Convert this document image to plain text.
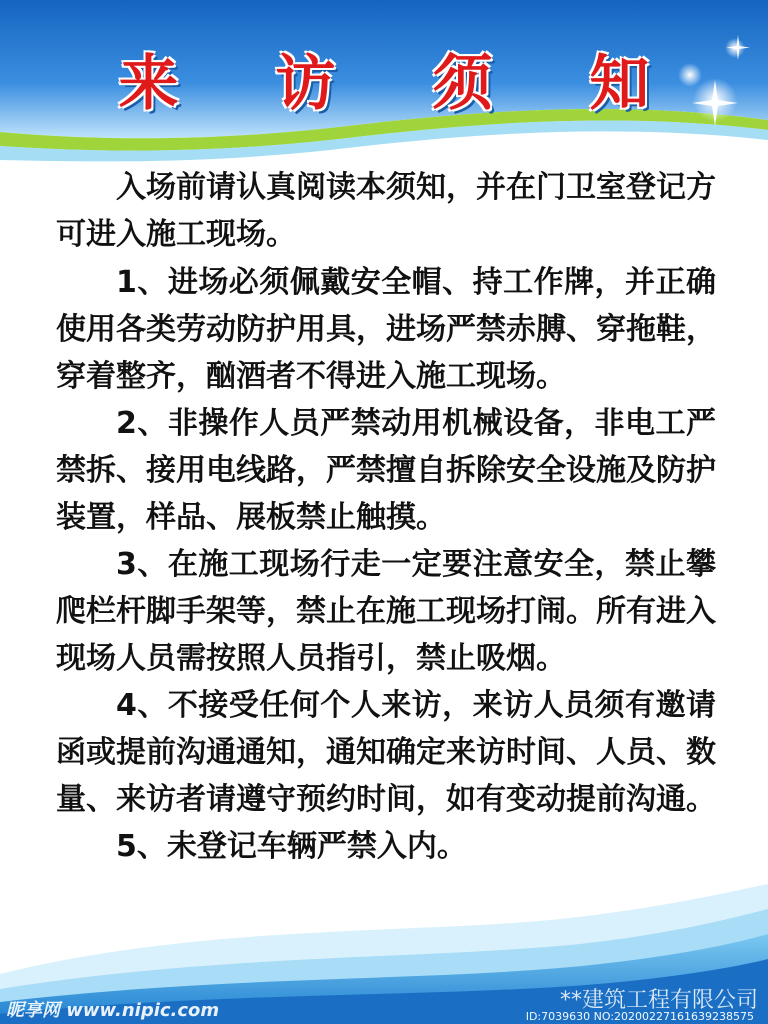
来 访 须 知

入场前请认真阅读本须知，并在门卫室登记方可进入施工现场。

1、进场必须佩戴安全帽、持工作牌，并正确使用各类劳动防护用具，进场严禁赤膊、穿拖鞋，穿着整齐，酗酒者不得进入施工现场。

2、非操作人员严禁动用机械设备，非电工严禁拆、接用电线路，严禁擅自拆除安全设施及防护装置，样品、展板禁止触摸。

3、在施工现场行走一定要注意安全，禁止攀爬栏杆脚手架等，禁止在施工现场打闹。所有进入现场人员需按照人员指引，禁止吸烟。

4、不接受任何个人来访，来访人员须有邀请函或提前沟通通知，通知确定来访时间、人员、数量、来访者请遵守预约时间，如有变动提前沟通。

5、未登记车辆严禁入内。

昵享网 www.nipic.com	**建筑工程有限公司
ID:7039630 NO:20200227161639238575
